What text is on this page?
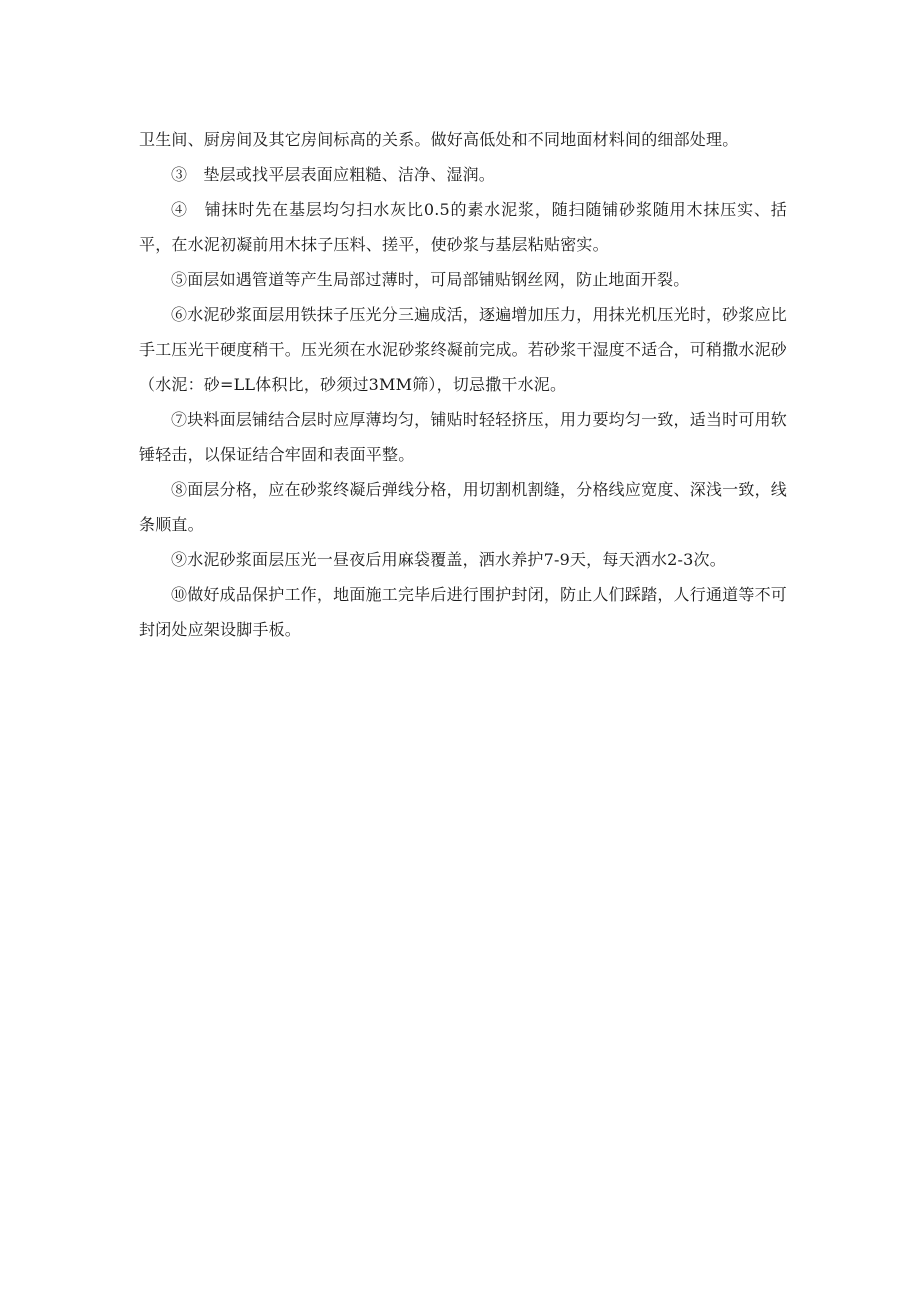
卫生间、厨房间及其它房间标高的关系。做好高低处和不同地面材料间的细部处理。

③　垫层或找平层表面应粗糙、洁净、湿润。

④　铺抹时先在基层均匀扫水灰比0.5的素水泥浆，随扫随铺砂浆随用木抹压实、括平，在水泥初凝前用木抹子压料、搓平，使砂浆与基层粘贴密实。

⑤面层如遇管道等产生局部过薄时，可局部铺贴钢丝网，防止地面开裂。

⑥水泥砂浆面层用铁抹子压光分三遍成活，逐遍增加压力，用抹光机压光时，砂浆应比手工压光干硬度稍干。压光须在水泥砂浆终凝前完成。若砂浆干湿度不适合，可稍撒水泥砂（水泥：砂=LL体积比，砂须过3MM筛），切忌撒干水泥。

⑦块料面层铺结合层时应厚薄均匀，铺贴时轻轻挤压，用力要均匀一致，适当时可用软锤轻击，以保证结合牢固和表面平整。

⑧面层分格，应在砂浆终凝后弹线分格，用切割机割缝，分格线应宽度、深浅一致，线条顺直。

⑨水泥砂浆面层压光一昼夜后用麻袋覆盖，洒水养护7-9天，每天洒水2-3次。

⑩做好成品保护工作，地面施工完毕后进行围护封闭，防止人们踩踏，人行通道等不可封闭处应架设脚手板。
